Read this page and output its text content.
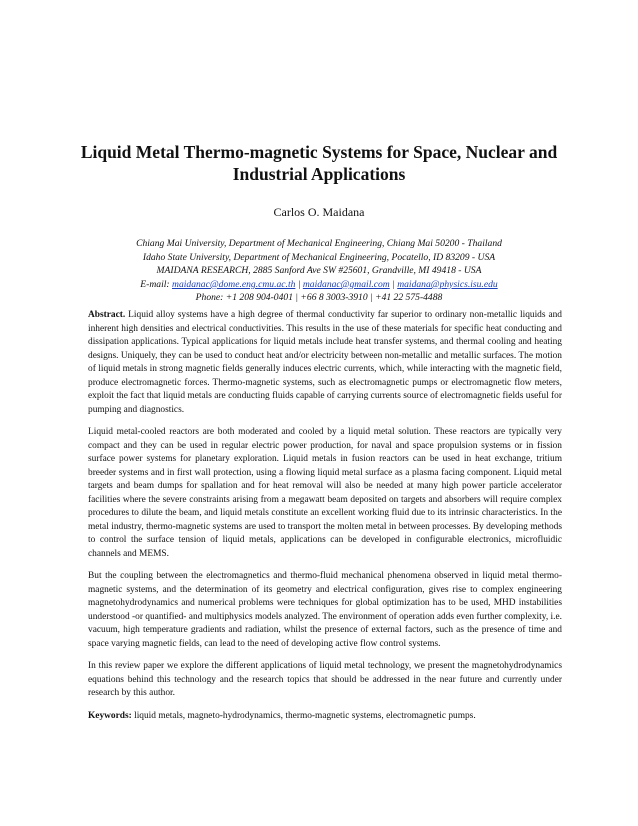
Liquid Metal Thermo-magnetic Systems for Space, Nuclear and Industrial Applications
Carlos O. Maidana
Chiang Mai University, Department of Mechanical Engineering, Chiang Mai 50200 - Thailand
Idaho State University, Department of Mechanical Engineering, Pocatello, ID 83209 - USA
MAIDANA RESEARCH, 2885 Sanford Ave SW #25601, Grandville, MI 49418 - USA
E-mail: maidanac@dome.eng.cmu.ac.th | maidanac@gmail.com | maidana@physics.isu.edu
Phone: +1 208 904-0401 | +66 8 3003-3910 | +41 22 575-4488

Abstract. Liquid alloy systems have a high degree of thermal conductivity far superior to ordinary non-metallic liquids and inherent high densities and electrical conductivities. This results in the use of these materials for specific heat conducting and dissipation applications. Typical applications for liquid metals include heat transfer systems, and thermal cooling and heating designs. Uniquely, they can be used to conduct heat and/or electricity between non-metallic and metallic surfaces. The motion of liquid metals in strong magnetic fields generally induces electric currents, which, while interacting with the magnetic field, produce electromagnetic forces. Thermo-magnetic systems, such as electromagnetic pumps or electromagnetic flow meters, exploit the fact that liquid metals are conducting fluids capable of carrying currents source of electromagnetic fields useful for pumping and diagnostics.

Liquid metal-cooled reactors are both moderated and cooled by a liquid metal solution. These reactors are typically very compact and they can be used in regular electric power production, for naval and space propulsion systems or in fission surface power systems for planetary exploration. Liquid metals in fusion reactors can be used in heat exchange, tritium breeder systems and in first wall protection, using a flowing liquid metal surface as a plasma facing component. Liquid metal targets and beam dumps for spallation and for heat removal will also be needed at many high power particle accelerator facilities where the severe constraints arising from a megawatt beam deposited on targets and absorbers will require complex procedures to dilute the beam, and liquid metals constitute an excellent working fluid due to its intrinsic characteristics. In the metal industry, thermo-magnetic systems are used to transport the molten metal in between processes. By developing methods to control the surface tension of liquid metals, applications can be developed in configurable electronics, microfluidic channels and MEMS.

But the coupling between the electromagnetics and thermo-fluid mechanical phenomena observed in liquid metal thermo-magnetic systems, and the determination of its geometry and electrical configuration, gives rise to complex engineering magnetohydrodynamics and numerical problems were techniques for global optimization has to be used, MHD instabilities understood -or quantified- and multiphysics models analyzed. The environment of operation adds even further complexity, i.e. vacuum, high temperature gradients and radiation, whilst the presence of external factors, such as the presence of time and space varying magnetic fields, can lead to the need of developing active flow control systems.

In this review paper we explore the different applications of liquid metal technology, we present the magnetohydrodynamics equations behind this technology and the research topics that should be addressed in the near future and currently under research by this author.

Keywords: liquid metals, magneto-hydrodynamics, thermo-magnetic systems, electromagnetic pumps.
